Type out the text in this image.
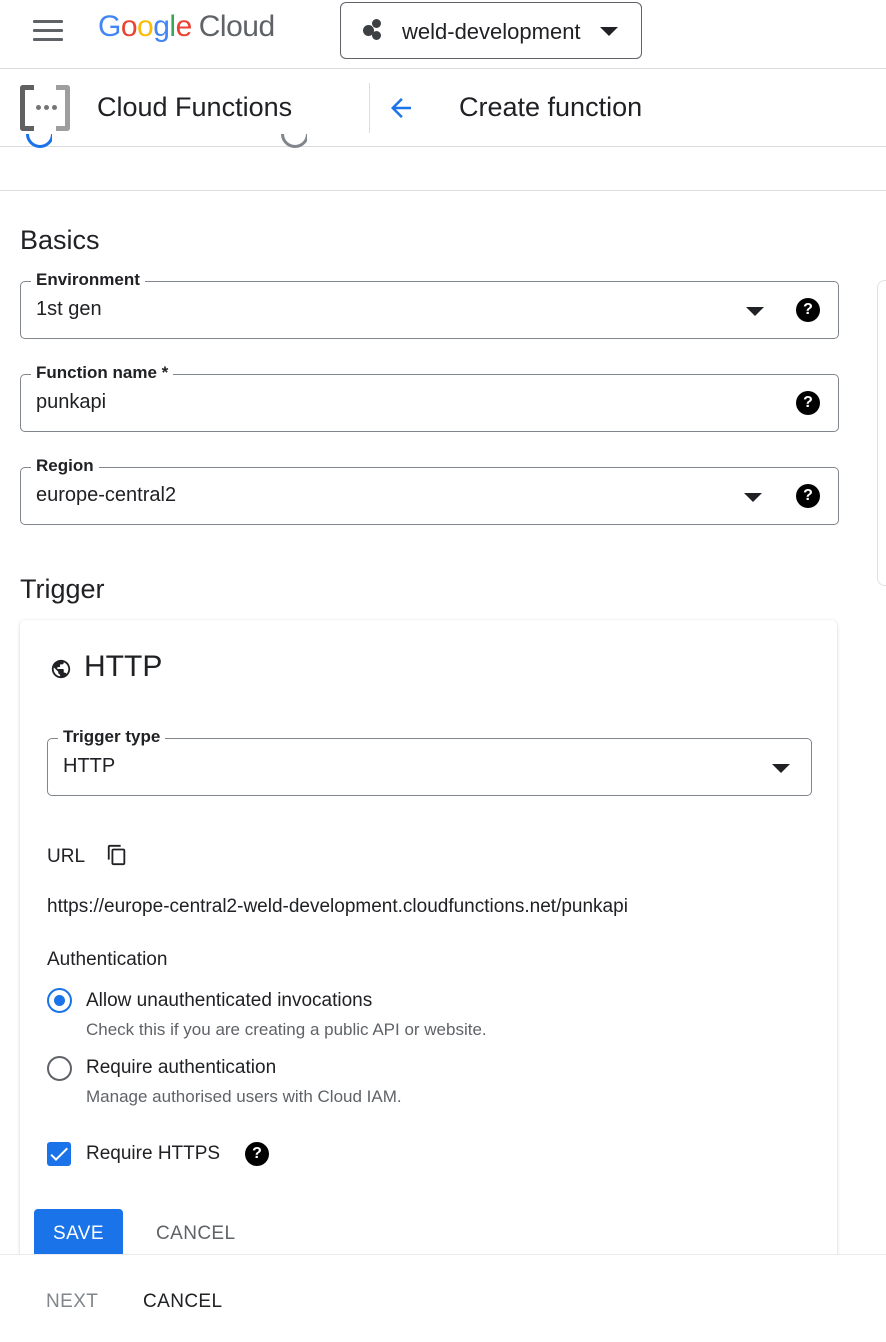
Google Cloud	weld-development
Cloud Functions	Create function
Basics
Environment
1st gen	?
Function name *
punkapi	?
Region
europe-central2	?
Trigger
HTTP
Trigger type
HTTP
URL
https://europe-central2-weld-development.cloudfunctions.net/punkapi
Authentication
Allow unauthenticated invocations
Check this if you are creating a public API or website.
Require authentication
Manage authorised users with Cloud IAM.
Require HTTPS	?
SAVE	CANCEL
NEXT CANCEL
